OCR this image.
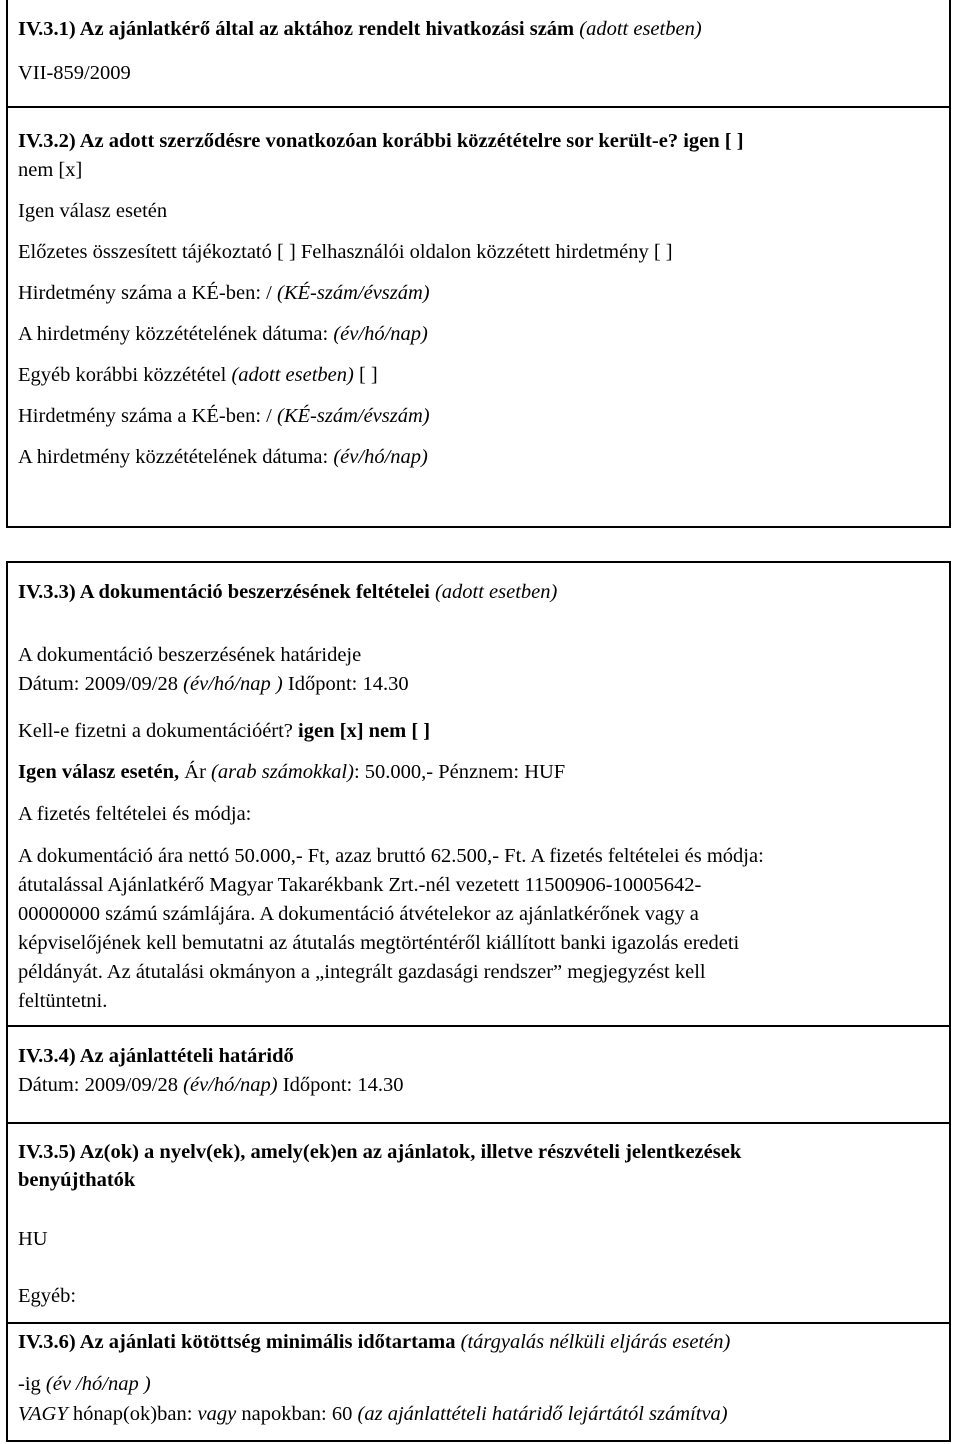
IV.3.1) Az ajánlatkérő által az aktához rendelt hivatkozási szám (adott esetben)
VII-859/2009
IV.3.2) Az adott szerződésre vonatkozóan korábbi közzétételre sor került-e? igen [ ]
nem [x]
Igen válasz esetén
Előzetes összesített tájékoztató [ ] Felhasználói oldalon közzétett hirdetmény [ ]
Hirdetmény száma a KÉ-ben: / (KÉ-szám/évszám)
A hirdetmény közzétételének dátuma: (év/hó/nap)
Egyéb korábbi közzététel (adott esetben) [ ]
Hirdetmény száma a KÉ-ben: / (KÉ-szám/évszám)
A hirdetmény közzétételének dátuma: (év/hó/nap)
IV.3.3) A dokumentáció beszerzésének feltételei (adott esetben)
A dokumentáció beszerzésének határideje
Dátum: 2009/09/28 (év/hó/nap ) Időpont: 14.30
Kell-e fizetni a dokumentációért? igen [x] nem [ ]
Igen válasz esetén, Ár (arab számokkal): 50.000,- Pénznem: HUF
A fizetés feltételei és módja:
A dokumentáció ára nettó 50.000,- Ft, azaz bruttó 62.500,- Ft. A fizetés feltételei és módja:
átutalással Ajánlatkérő Magyar Takarékbank Zrt.-nél vezetett 11500906-10005642-
00000000 számú számlájára. A dokumentáció átvételekor az ajánlatkérőnek vagy a
képviselőjének kell bemutatni az átutalás megtörténtéről kiállított banki igazolás eredeti
példányát. Az átutalási okmányon a „integrált gazdasági rendszer” megjegyzést kell
feltüntetni.
IV.3.4) Az ajánlattételi határidő
Dátum: 2009/09/28 (év/hó/nap) Időpont: 14.30
IV.3.5) Az(ok) a nyelv(ek), amely(ek)en az ajánlatok, illetve részvételi jelentkezések
benyújthatók
HU
Egyéb:
IV.3.6) Az ajánlati kötöttség minimális időtartama (tárgyalás nélküli eljárás esetén)
-ig (év /hó/nap )
VAGY hónap(ok)ban: vagy napokban: 60 (az ajánlattételi határidő lejártától számítva)
